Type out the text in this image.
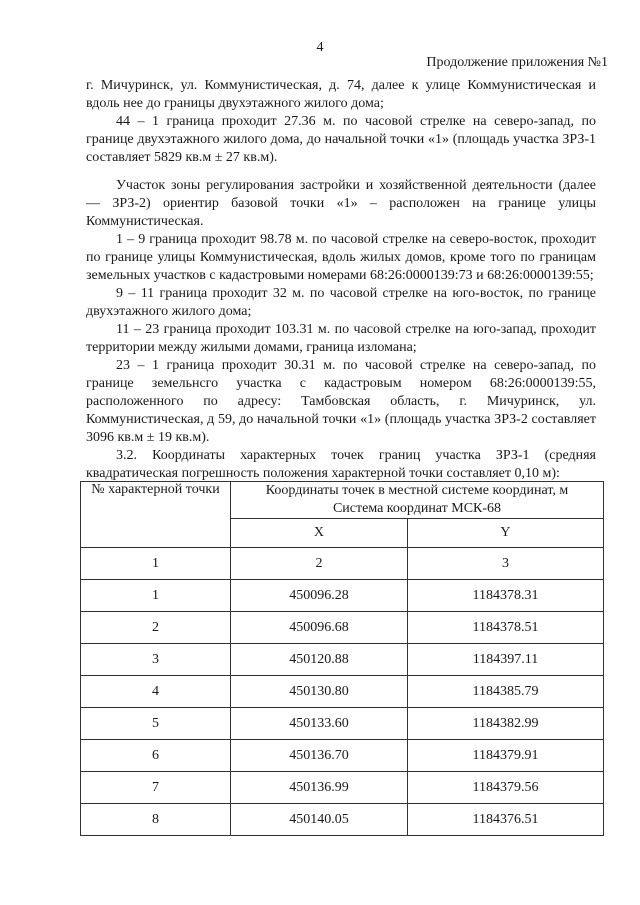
4
Продолжение приложения №1

г. Мичуринск, ул. Коммунистическая, д. 74, далее к улице Коммунистическая и вдоль нее до границы двухэтажного жилого дома;

44 – 1 граница проходит 27.36 м. по часовой стрелке на северо-запад, по границе двухэтажного жилого дома, до начальной точки «1» (площадь участка ЗРЗ-1 составляет 5829 кв.м ± 27 кв.м).

Участок зоны регулирования застройки и хозяйственной деятельности (далее — ЗРЗ-2) ориентир базовой точки «1» – расположен на границе улицы Коммунистическая.

1 – 9 граница проходит 98.78 м. по часовой стрелке на северо-восток, проходит по границе улицы Коммунистическая, вдоль жилых домов, кроме того по границам земельных участков с кадастровыми номерами 68:26:0000139:73 и 68:26:0000139:55;

9 – 11 граница проходит 32 м. по часовой стрелке на юго-восток, по границе двухэтажного жилого дома;

11 – 23 граница проходит 103.31 м. по часовой стрелке на юго-запад, проходит территории между жилыми домами, граница изломана;

23 – 1 граница проходит 30.31 м. по часовой стрелке на северо-запад, по границе земельнсго участка с кадастровым номером 68:26:0000139:55, расположенного по адресу: Тамбовская область, г. Мичуринск, ул. Коммунистическая, д 59, до начальной точки «1» (площадь участка ЗРЗ-2 составляет 3096 кв.м ± 19 кв.м).

3.2. Координаты характерных точек границ участка ЗРЗ-1 (средняя квадратическая погрешность положения характерной точки составляет 0,10 м):

№ характерной точки	Координаты точек в местной системе координат, м
Система координат МСК-68	

	X	Y
1	2	3
1	450096.28	1184378.31
2	450096.68	1184378.51
3	450120.88	1184397.11
4	450130.80	1184385.79
5	450133.60	1184382.99
6	450136.70	1184379.91
7	450136.99	1184379.56
8	450140.05	1184376.51
